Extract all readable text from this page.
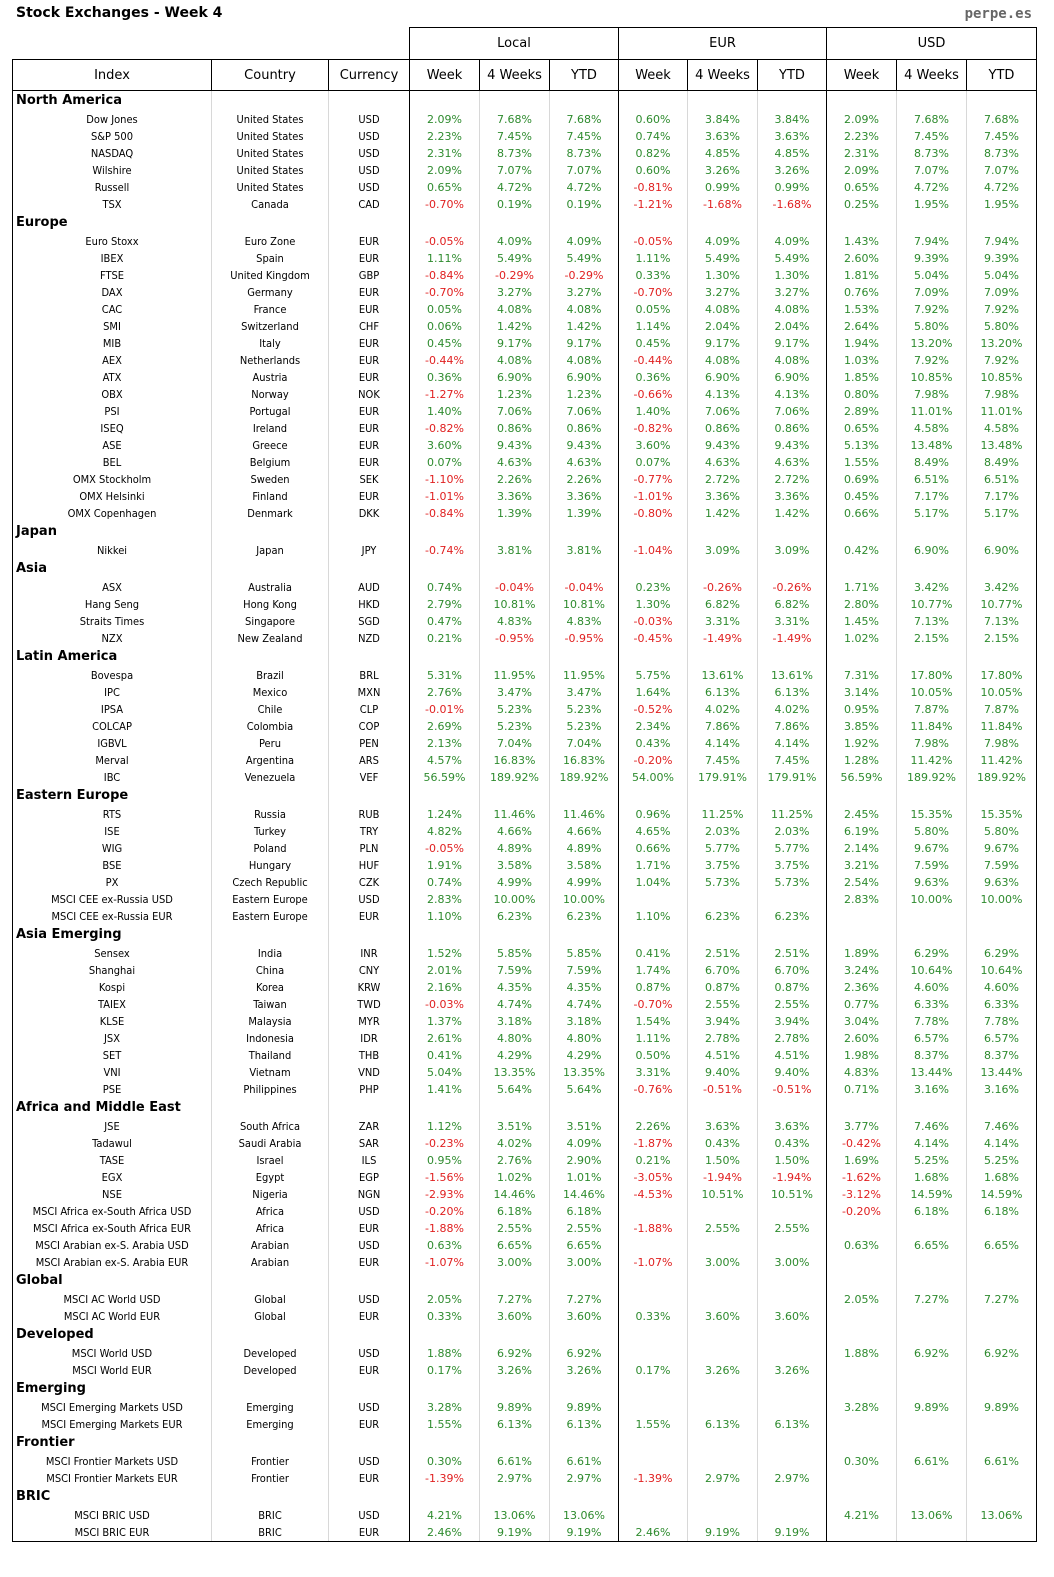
Stock Exchanges - Week 4	perpe.es
			Local			EUR			USD		
Index	Country	Currency	Week	4 Weeks	YTD	Week	4 Weeks	YTD	Week	4 Weeks	YTD
North America											
Dow Jones	United States	USD	2.09%	7.68%	7.68%	0.60%	3.84%	3.84%	2.09%	7.68%	7.68%
S&P 500	United States	USD	2.23%	7.45%	7.45%	0.74%	3.63%	3.63%	2.23%	7.45%	7.45%
NASDAQ	United States	USD	2.31%	8.73%	8.73%	0.82%	4.85%	4.85%	2.31%	8.73%	8.73%
Wilshire	United States	USD	2.09%	7.07%	7.07%	0.60%	3.26%	3.26%	2.09%	7.07%	7.07%
Russell	United States	USD	0.65%	4.72%	4.72%	-0.81%	0.99%	0.99%	0.65%	4.72%	4.72%
TSX	Canada	CAD	-0.70%	0.19%	0.19%	-1.21%	-1.68%	-1.68%	0.25%	1.95%	1.95%
Europe											
Euro Stoxx	Euro Zone	EUR	-0.05%	4.09%	4.09%	-0.05%	4.09%	4.09%	1.43%	7.94%	7.94%
IBEX	Spain	EUR	1.11%	5.49%	5.49%	1.11%	5.49%	5.49%	2.60%	9.39%	9.39%
FTSE	United Kingdom	GBP	-0.84%	-0.29%	-0.29%	0.33%	1.30%	1.30%	1.81%	5.04%	5.04%
DAX	Germany	EUR	-0.70%	3.27%	3.27%	-0.70%	3.27%	3.27%	0.76%	7.09%	7.09%
CAC	France	EUR	0.05%	4.08%	4.08%	0.05%	4.08%	4.08%	1.53%	7.92%	7.92%
SMI	Switzerland	CHF	0.06%	1.42%	1.42%	1.14%	2.04%	2.04%	2.64%	5.80%	5.80%
MIB	Italy	EUR	0.45%	9.17%	9.17%	0.45%	9.17%	9.17%	1.94%	13.20%	13.20%
AEX	Netherlands	EUR	-0.44%	4.08%	4.08%	-0.44%	4.08%	4.08%	1.03%	7.92%	7.92%
ATX	Austria	EUR	0.36%	6.90%	6.90%	0.36%	6.90%	6.90%	1.85%	10.85%	10.85%
OBX	Norway	NOK	-1.27%	1.23%	1.23%	-0.66%	4.13%	4.13%	0.80%	7.98%	7.98%
PSI	Portugal	EUR	1.40%	7.06%	7.06%	1.40%	7.06%	7.06%	2.89%	11.01%	11.01%
ISEQ	Ireland	EUR	-0.82%	0.86%	0.86%	-0.82%	0.86%	0.86%	0.65%	4.58%	4.58%
ASE	Greece	EUR	3.60%	9.43%	9.43%	3.60%	9.43%	9.43%	5.13%	13.48%	13.48%
BEL	Belgium	EUR	0.07%	4.63%	4.63%	0.07%	4.63%	4.63%	1.55%	8.49%	8.49%
OMX Stockholm	Sweden	SEK	-1.10%	2.26%	2.26%	-0.77%	2.72%	2.72%	0.69%	6.51%	6.51%
OMX Helsinki	Finland	EUR	-1.01%	3.36%	3.36%	-1.01%	3.36%	3.36%	0.45%	7.17%	7.17%
OMX Copenhagen	Denmark	DKK	-0.84%	1.39%	1.39%	-0.80%	1.42%	1.42%	0.66%	5.17%	5.17%
Japan											
Nikkei	Japan	JPY	-0.74%	3.81%	3.81%	-1.04%	3.09%	3.09%	0.42%	6.90%	6.90%
Asia											
ASX	Australia	AUD	0.74%	-0.04%	-0.04%	0.23%	-0.26%	-0.26%	1.71%	3.42%	3.42%
Hang Seng	Hong Kong	HKD	2.79%	10.81%	10.81%	1.30%	6.82%	6.82%	2.80%	10.77%	10.77%
Straits Times	Singapore	SGD	0.47%	4.83%	4.83%	-0.03%	3.31%	3.31%	1.45%	7.13%	7.13%
NZX	New Zealand	NZD	0.21%	-0.95%	-0.95%	-0.45%	-1.49%	-1.49%	1.02%	2.15%	2.15%
Latin America											
Bovespa	Brazil	BRL	5.31%	11.95%	11.95%	5.75%	13.61%	13.61%	7.31%	17.80%	17.80%
IPC	Mexico	MXN	2.76%	3.47%	3.47%	1.64%	6.13%	6.13%	3.14%	10.05%	10.05%
IPSA	Chile	CLP	-0.01%	5.23%	5.23%	-0.52%	4.02%	4.02%	0.95%	7.87%	7.87%
COLCAP	Colombia	COP	2.69%	5.23%	5.23%	2.34%	7.86%	7.86%	3.85%	11.84%	11.84%
IGBVL	Peru	PEN	2.13%	7.04%	7.04%	0.43%	4.14%	4.14%	1.92%	7.98%	7.98%
Merval	Argentina	ARS	4.57%	16.83%	16.83%	-0.20%	7.45%	7.45%	1.28%	11.42%	11.42%
IBC	Venezuela	VEF	56.59%	189.92%	189.92%	54.00%	179.91%	179.91%	56.59%	189.92%	189.92%
Eastern Europe											
RTS	Russia	RUB	1.24%	11.46%	11.46%	0.96%	11.25%	11.25%	2.45%	15.35%	15.35%
ISE	Turkey	TRY	4.82%	4.66%	4.66%	4.65%	2.03%	2.03%	6.19%	5.80%	5.80%
WIG	Poland	PLN	-0.05%	4.89%	4.89%	0.66%	5.77%	5.77%	2.14%	9.67%	9.67%
BSE	Hungary	HUF	1.91%	3.58%	3.58%	1.71%	3.75%	3.75%	3.21%	7.59%	7.59%
PX	Czech Republic	CZK	0.74%	4.99%	4.99%	1.04%	5.73%	5.73%	2.54%	9.63%	9.63%
MSCI CEE ex-Russia USD	Eastern Europe	USD	2.83%	10.00%	10.00%				2.83%	10.00%	10.00%
MSCI CEE ex-Russia EUR	Eastern Europe	EUR	1.10%	6.23%	6.23%	1.10%	6.23%	6.23%			
Asia Emerging											
Sensex	India	INR	1.52%	5.85%	5.85%	0.41%	2.51%	2.51%	1.89%	6.29%	6.29%
Shanghai	China	CNY	2.01%	7.59%	7.59%	1.74%	6.70%	6.70%	3.24%	10.64%	10.64%
Kospi	Korea	KRW	2.16%	4.35%	4.35%	0.87%	0.87%	0.87%	2.36%	4.60%	4.60%
TAIEX	Taiwan	TWD	-0.03%	4.74%	4.74%	-0.70%	2.55%	2.55%	0.77%	6.33%	6.33%
KLSE	Malaysia	MYR	1.37%	3.18%	3.18%	1.54%	3.94%	3.94%	3.04%	7.78%	7.78%
JSX	Indonesia	IDR	2.61%	4.80%	4.80%	1.11%	2.78%	2.78%	2.60%	6.57%	6.57%
SET	Thailand	THB	0.41%	4.29%	4.29%	0.50%	4.51%	4.51%	1.98%	8.37%	8.37%
VNI	Vietnam	VND	5.04%	13.35%	13.35%	3.31%	9.40%	9.40%	4.83%	13.44%	13.44%
PSE	Philippines	PHP	1.41%	5.64%	5.64%	-0.76%	-0.51%	-0.51%	0.71%	3.16%	3.16%
Africa and Middle East											
JSE	South Africa	ZAR	1.12%	3.51%	3.51%	2.26%	3.63%	3.63%	3.77%	7.46%	7.46%
Tadawul	Saudi Arabia	SAR	-0.23%	4.02%	4.09%	-1.87%	0.43%	0.43%	-0.42%	4.14%	4.14%
TASE	Israel	ILS	0.95%	2.76%	2.90%	0.21%	1.50%	1.50%	1.69%	5.25%	5.25%
EGX	Egypt	EGP	-1.56%	1.02%	1.01%	-3.05%	-1.94%	-1.94%	-1.62%	1.68%	1.68%
NSE	Nigeria	NGN	-2.93%	14.46%	14.46%	-4.53%	10.51%	10.51%	-3.12%	14.59%	14.59%
MSCI Africa ex-South Africa USD	Africa	USD	-0.20%	6.18%	6.18%				-0.20%	6.18%	6.18%
MSCI Africa ex-South Africa EUR	Africa	EUR	-1.88%	2.55%	2.55%	-1.88%	2.55%	2.55%			
MSCI Arabian ex-S. Arabia USD	Arabian	USD	0.63%	6.65%	6.65%				0.63%	6.65%	6.65%
MSCI Arabian ex-S. Arabia EUR	Arabian	EUR	-1.07%	3.00%	3.00%	-1.07%	3.00%	3.00%			
Global											
MSCI AC World USD	Global	USD	2.05%	7.27%	7.27%				2.05%	7.27%	7.27%
MSCI AC World EUR	Global	EUR	0.33%	3.60%	3.60%	0.33%	3.60%	3.60%			
Developed											
MSCI World USD	Developed	USD	1.88%	6.92%	6.92%				1.88%	6.92%	6.92%
MSCI World EUR	Developed	EUR	0.17%	3.26%	3.26%	0.17%	3.26%	3.26%			
Emerging											
MSCI Emerging Markets USD	Emerging	USD	3.28%	9.89%	9.89%				3.28%	9.89%	9.89%
MSCI Emerging Markets EUR	Emerging	EUR	1.55%	6.13%	6.13%	1.55%	6.13%	6.13%			
Frontier											
MSCI Frontier Markets USD	Frontier	USD	0.30%	6.61%	6.61%				0.30%	6.61%	6.61%
MSCI Frontier Markets EUR	Frontier	EUR	-1.39%	2.97%	2.97%	-1.39%	2.97%	2.97%			
BRIC											
MSCI BRIC USD	BRIC	USD	4.21%	13.06%	13.06%				4.21%	13.06%	13.06%
MSCI BRIC EUR	BRIC	EUR	2.46%	9.19%	9.19%	2.46%	9.19%	9.19%			
